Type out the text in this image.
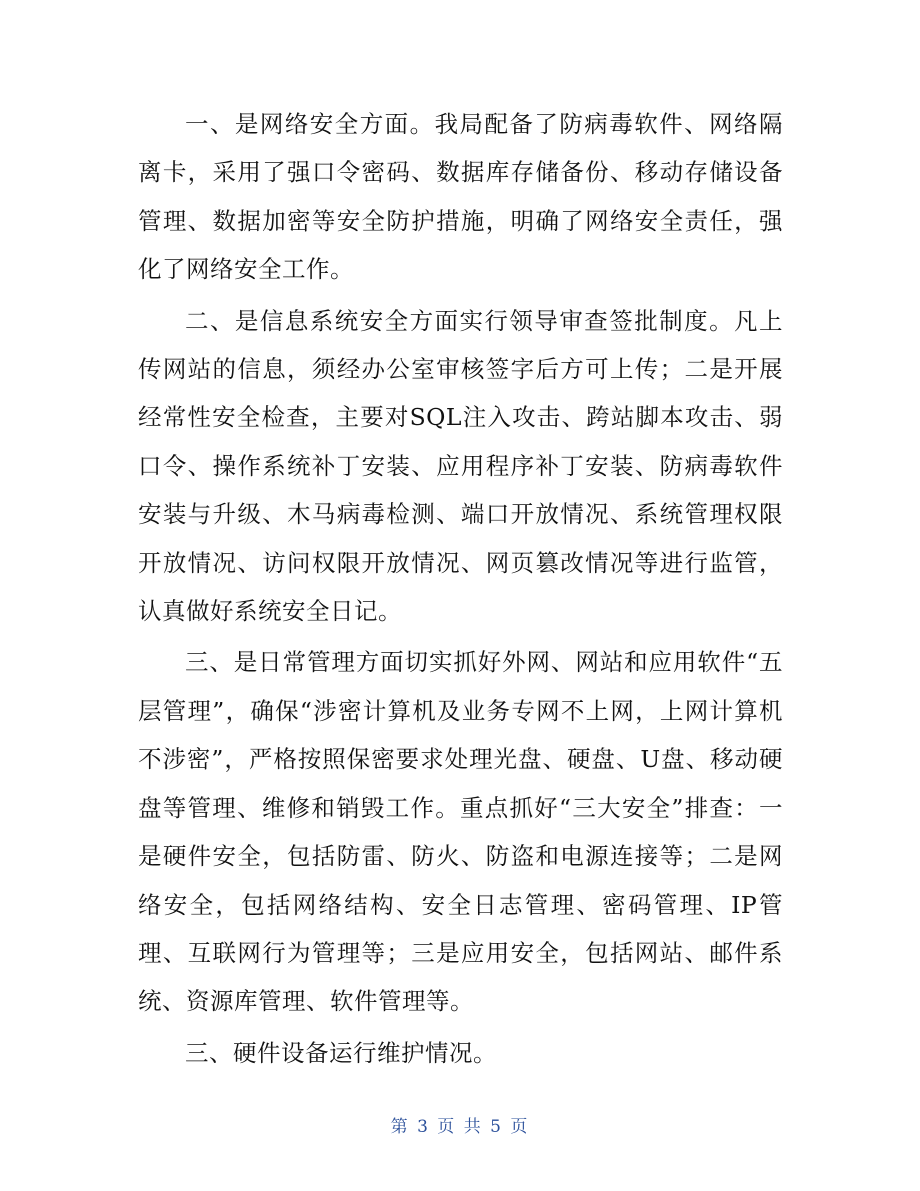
一、是网络安全方面。我局配备了防病毒软件、网络隔离卡，采用了强口令密码、数据库存储备份、移动存储设备管理、数据加密等安全防护措施，明确了网络安全责任，强化了网络安全工作。

二、是信息系统安全方面实行领导审查签批制度。凡上传网站的信息，须经办公室审核签字后方可上传；二是开展经常性安全检查，主要对SQL注入攻击、跨站脚本攻击、弱口令、操作系统补丁安装、应用程序补丁安装、防病毒软件安装与升级、木马病毒检测、端口开放情况、系统管理权限开放情况、访问权限开放情况、网页篡改情况等进行监管，认真做好系统安全日记。

三、是日常管理方面切实抓好外网、网站和应用软件“五层管理”，确保“涉密计算机及业务专网不上网，上网计算机不涉密”，严格按照保密要求处理光盘、硬盘、U盘、移动硬盘等管理、维修和销毁工作。重点抓好“三大安全”排查：一是硬件安全，包括防雷、防火、防盗和电源连接等；二是网络安全，包括网络结构、安全日志管理、密码管理、IP管理、互联网行为管理等；三是应用安全，包括网站、邮件系统、资源库管理、软件管理等。

三、硬件设备运行维护情况。

第 3 页 共 5 页
